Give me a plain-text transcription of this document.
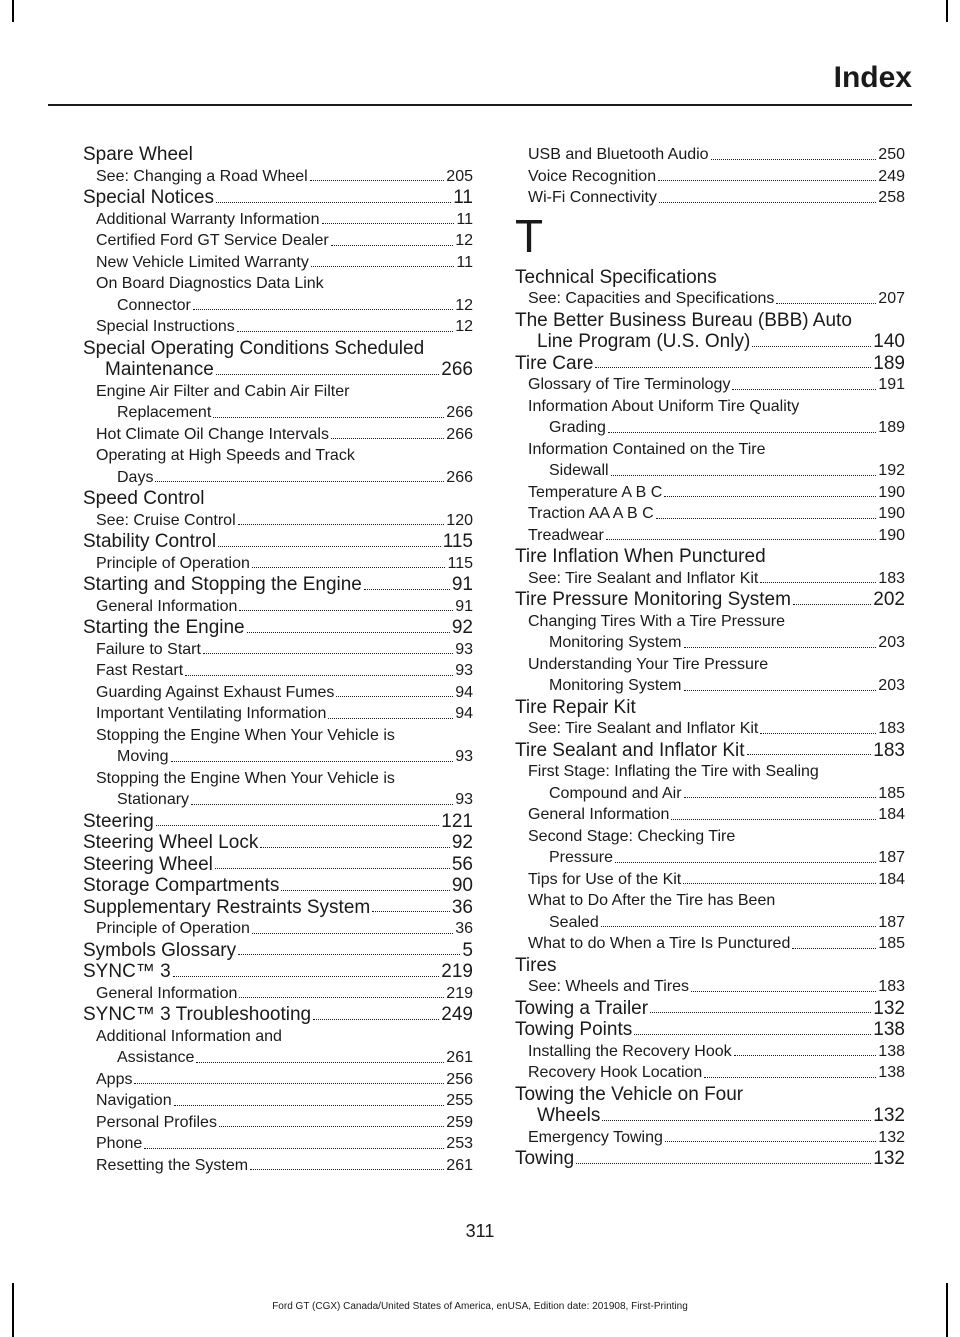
Index
Spare Wheel
See: Changing a Road Wheel	205
Special Notices	11
Additional Warranty Information	11
Certified Ford GT Service Dealer	12
New Vehicle Limited Warranty	11
On Board Diagnostics Data Link
Connector	12
Special Instructions	12
Special Operating Conditions Scheduled
Maintenance	266
Engine Air Filter and Cabin Air Filter
Replacement	266
Hot Climate Oil Change Intervals	266
Operating at High Speeds and Track
Days	266
Speed Control
See: Cruise Control	120
Stability Control	115
Principle of Operation	115
Starting and Stopping the Engine	91
General Information	91
Starting the Engine	92
Failure to Start	93
Fast Restart	93
Guarding Against Exhaust Fumes	94
Important Ventilating Information	94
Stopping the Engine When Your Vehicle is
Moving	93
Stopping the Engine When Your Vehicle is
Stationary	93
Steering	121
Steering Wheel Lock	92
Steering Wheel	56
Storage Compartments	90
Supplementary Restraints System	36
Principle of Operation	36
Symbols Glossary	5
SYNC™ 3	219
General Information	219
SYNC™ 3 Troubleshooting	249
Additional Information and
Assistance	261
Apps	256
Navigation	255
Personal Profiles	259
Phone	253
Resetting the System	261
USB and Bluetooth Audio	250
Voice Recognition	249
Wi-Fi Connectivity	258
T
Technical Specifications
See: Capacities and Specifications	207
The Better Business Bureau (BBB) Auto
Line Program (U.S. Only)	140
Tire Care	189
Glossary of Tire Terminology	191
Information About Uniform Tire Quality
Grading	189
Information Contained on the Tire
Sidewall	192
Temperature A B C	190
Traction AA A B C	190
Treadwear	190
Tire Inflation When Punctured
See: Tire Sealant and Inflator Kit	183
Tire Pressure Monitoring System	202
Changing Tires With a Tire Pressure
Monitoring System	203
Understanding Your Tire Pressure
Monitoring System	203
Tire Repair Kit
See: Tire Sealant and Inflator Kit	183
Tire Sealant and Inflator Kit	183
First Stage: Inflating the Tire with Sealing
Compound and Air	185
General Information	184
Second Stage: Checking Tire
Pressure	187
Tips for Use of the Kit	184
What to Do After the Tire has Been
Sealed	187
What to do When a Tire Is Punctured	185
Tires
See: Wheels and Tires	183
Towing a Trailer	132
Towing Points	138
Installing the Recovery Hook	138
Recovery Hook Location	138
Towing the Vehicle on Four
Wheels	132
Emergency Towing	132
Towing	132
311
Ford GT (CGX) Canada/United States of America, enUSA, Edition date: 201908, First-Printing
